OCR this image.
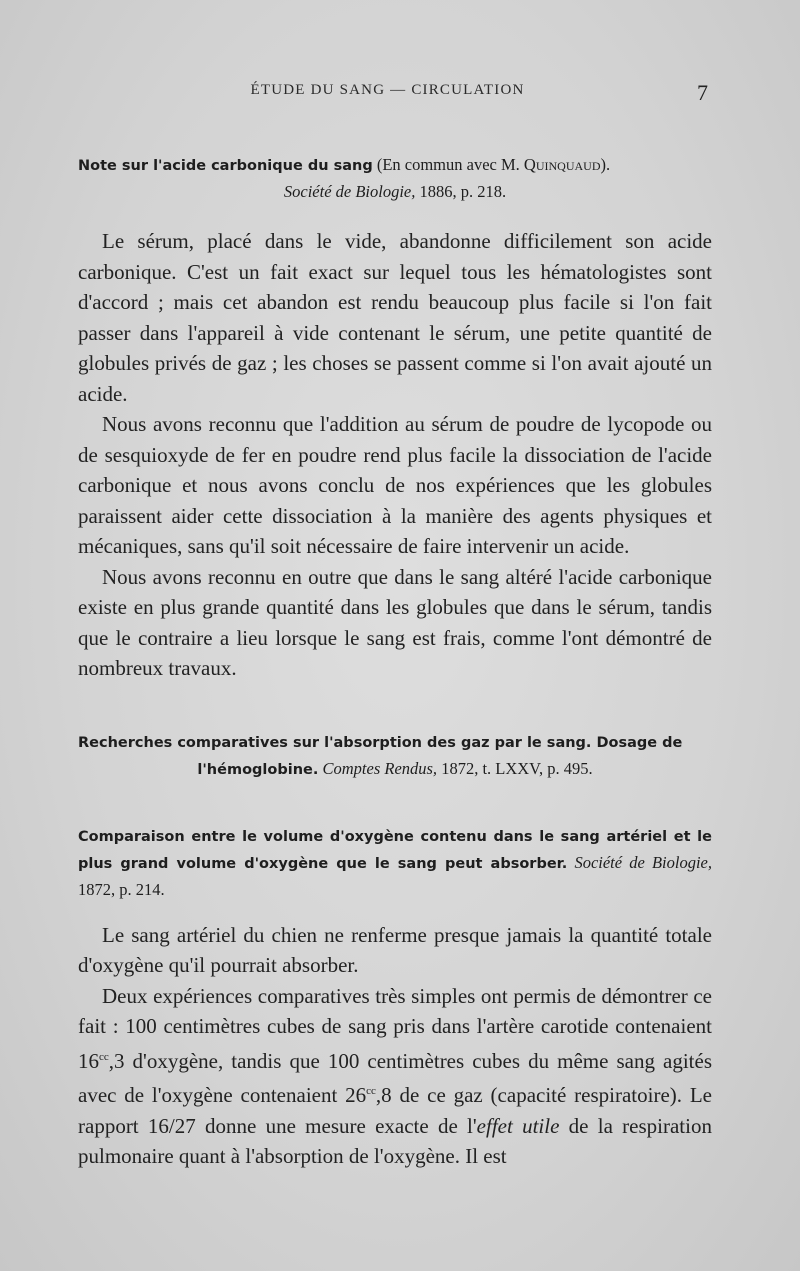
ÉTUDE DU SANG — CIRCULATION	7

Note sur l'acide carbonique du sang (En commun avec M. Quinquaud).
Société de Biologie, 1886, p. 218.

Le sérum, placé dans le vide, abandonne difficilement son acide carbonique. C'est un fait exact sur lequel tous les hématologistes sont d'accord ; mais cet abandon est rendu beaucoup plus facile si l'on fait passer dans l'appareil à vide contenant le sérum, une petite quantité de globules privés de gaz ; les choses se passent comme si l'on avait ajouté un acide.

Nous avons reconnu que l'addition au sérum de poudre de lycopode ou de sesquioxyde de fer en poudre rend plus facile la dissociation de l'acide carbonique et nous avons conclu de nos expériences que les globules paraissent aider cette dissociation à la manière des agents physiques et mécaniques, sans qu'il soit nécessaire de faire intervenir un acide.

Nous avons reconnu en outre que dans le sang altéré l'acide carbonique existe en plus grande quantité dans les globules que dans le sérum, tandis que le contraire a lieu lorsque le sang est frais, comme l'ont démontré de nombreux travaux.

Recherches comparatives sur l'absorption des gaz par le sang. Dosage de
l'hémoglobine. Comptes Rendus, 1872, t. LXXV, p. 495.

Comparaison entre le volume d'oxygène contenu dans le sang artériel et le plus grand volume d'oxygène que le sang peut absorber. Société de Biologie, 1872, p. 214.

Le sang artériel du chien ne renferme presque jamais la quantité totale d'oxygène qu'il pourrait absorber.

Deux expériences comparatives très simples ont permis de démontrer ce fait : 100 centimètres cubes de sang pris dans l'artère carotide contenaient $16^{cc},3$ d'oxygène, tandis que 100 centimètres cubes du même sang agités avec de l'oxygène contenaient $26^{cc},8$ de ce gaz (capacité respiratoire). Le rapport 16/27 donne une mesure exacte de l'effet utile de la respiration pulmonaire quant à l'absorption de l'oxygène. Il est
